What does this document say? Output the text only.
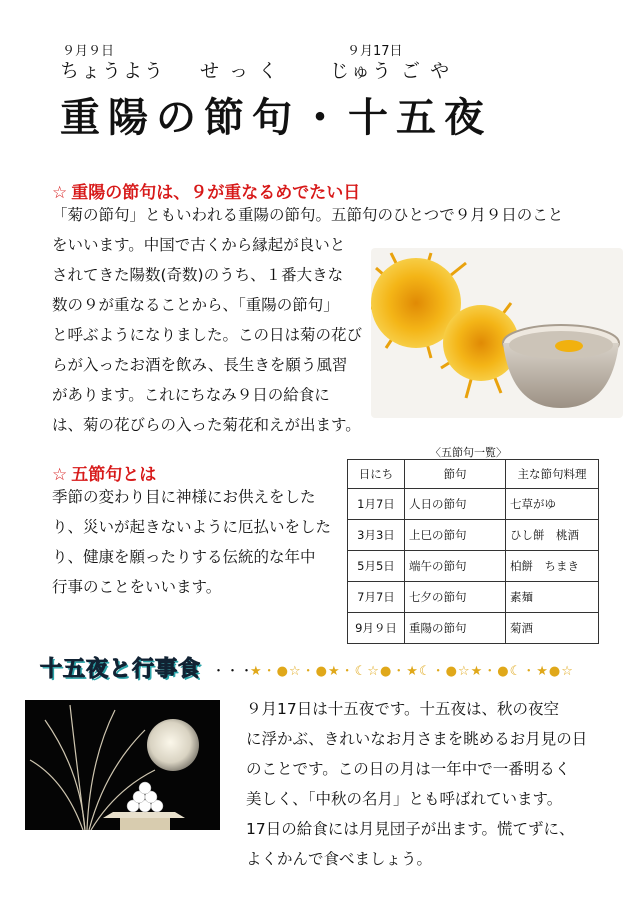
９月９日	９月17日
ちょうよう せ っ く	じゅう ご や
重陽の節句・十五夜
☆ 重陽の節句は、９が重なるめでたい日

「菊の節句」ともいわれる重陽の節句。五節句のひとつで９月９日のこと

をいいます。中国で古くから縁起が良いと

されてきた陽数(奇数)のうち、１番大きな

数の９が重なることから、「重陽の節句」

と呼ぶようになりました。この日は菊の花び

らが入ったお酒を飲み、長生きを願う風習

があります。これにちなみ９日の給食に

は、菊の花びらの入った菊花和えが出ます。

☆ 五節句とは

季節の変わり目に神様にお供えをした

り、災いが起きないように厄払いをした

り、健康を願ったりする伝統的な年中

行事のことをいいます。

〈五節句一覧〉
日にち	節句	主な節句料理
1月7日	人日の節句	七草がゆ
3月3日	上巳の節句	ひし餅　桃酒
5月5日	端午の節句	柏餅　ちまき
7月7日	七夕の節句	素麺
9月９日	重陽の節句	菊酒
十五夜と行事食 ・・・
★・●☆・●★・☾☆●・★☾・●☆★・●☾・★●☆

９月17日は十五夜です。十五夜は、秋の夜空

に浮かぶ、きれいなお月さまを眺めるお月見の日

のことです。この日の月は一年中で一番明るく

美しく、「中秋の名月」とも呼ばれています。

17日の給食には月見団子が出ます。慌てずに、

よくかんで食べましょう。
